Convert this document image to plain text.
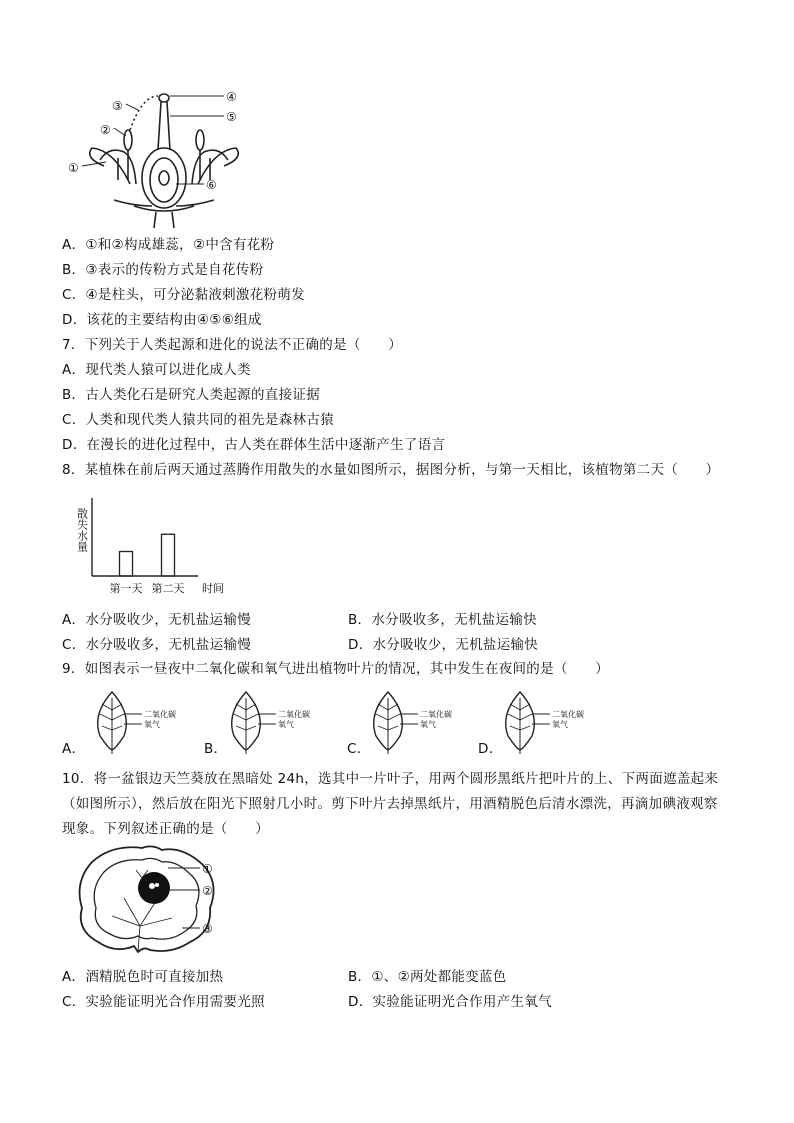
①
②
③
④
⑤
⑥
A．①和②构成雄蕊，②中含有花粉
B．③表示的传粉方式是自花传粉
C．④是柱头，可分泌黏液刺激花粉萌发
D．该花的主要结构由④⑤⑥组成
7．下列关于人类起源和进化的说法不正确的是（　　）
A．现代类人猿可以进化成人类
B．古人类化石是研究人类起源的直接证据
C．人类和现代类人猿共同的祖先是森林古猿
D．在漫长的进化过程中，古人类在群体生活中逐渐产生了语言
8．某植株在前后两天通过蒸腾作用散失的水量如图所示，据图分析，与第一天相比，该植物第二天（　　）
散失水量
时间
第一天 第二天
A．水分吸收少，无机盐运输慢	B．水分吸收多，无机盐运输快
C．水分吸收多，无机盐运输慢	D．水分吸收少，无机盐运输快
9．如图表示一昼夜中二氧化碳和氧气进出植物叶片的情况，其中发生在夜间的是（　　）
A．	B．	C．	D．
二氧化碳
氧气
二氧化碳
氧气
二氧化碳
氧气
二氧化碳
氧气
10．将一盆银边天竺葵放在黑暗处 24h，选其中一片叶子，用两个圆形黑纸片把叶片的上、下两面遮盖起来
（如图所示），然后放在阳光下照射几小时。剪下叶片去掉黑纸片，用酒精脱色后清水漂洗，再滴加碘液观察
现象。下列叙述正确的是（　　）
①
②
③
A．酒精脱色时可直接加热	B．①、②两处都能变蓝色
C．实验能证明光合作用需要光照	D．实验能证明光合作用产生氧气
